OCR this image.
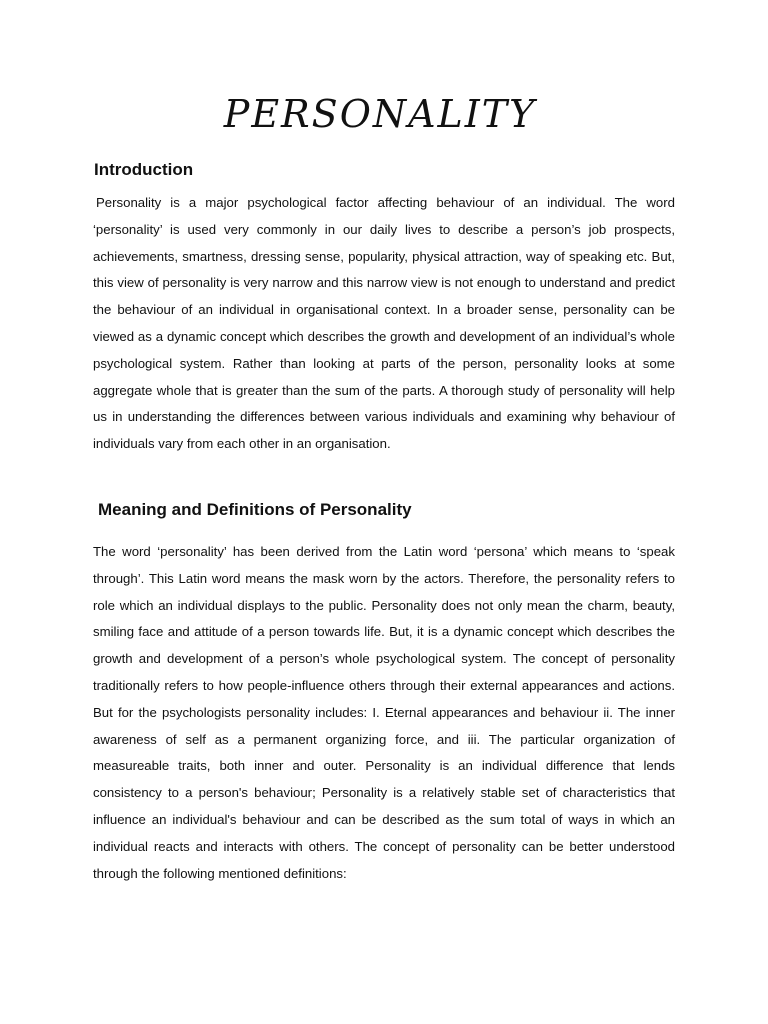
PERSONALITY
Introduction
Personality is a major psychological factor affecting behaviour of an individual. The word ‘personality’ is used very commonly in our daily lives to describe a person’s job prospects, achievements, smartness, dressing sense, popularity, physical attraction, way of speaking etc. But, this view of personality is very narrow and this narrow view is not enough to understand and predict the behaviour of an individual in organisational context. In a broader sense, personality can be viewed as a dynamic concept which describes the growth and development of an individual’s whole psychological system. Rather than looking at parts of the person, personality looks at some aggregate whole that is greater than the sum of the parts. A thorough study of personality will help us in understanding the differences between various individuals and examining why behaviour of individuals vary from each other in an organisation.
Meaning and Definitions of Personality
The word ‘personality’ has been derived from the Latin word ‘persona’ which means to ‘speak through’. This Latin word means the mask worn by the actors. Therefore, the personality refers to role which an individual displays to the public. Personality does not only mean the charm, beauty, smiling face and attitude of a person towards life. But, it is a dynamic concept which describes the growth and development of a person’s whole psychological system. The concept of personality traditionally refers to how people-influence others through their external appearances and actions. But for the psychologists personality includes: I. Eternal appearances and behaviour ii. The inner awareness of self as a permanent organizing force, and iii. The particular organization of measureable traits, both inner and outer. Personality is an individual difference that lends consistency to a person's behaviour; Personality is a relatively stable set of characteristics that influence an individual's behaviour and can be described as the sum total of ways in which an individual reacts and interacts with others. The concept of personality can be better understood through the following mentioned definitions:
